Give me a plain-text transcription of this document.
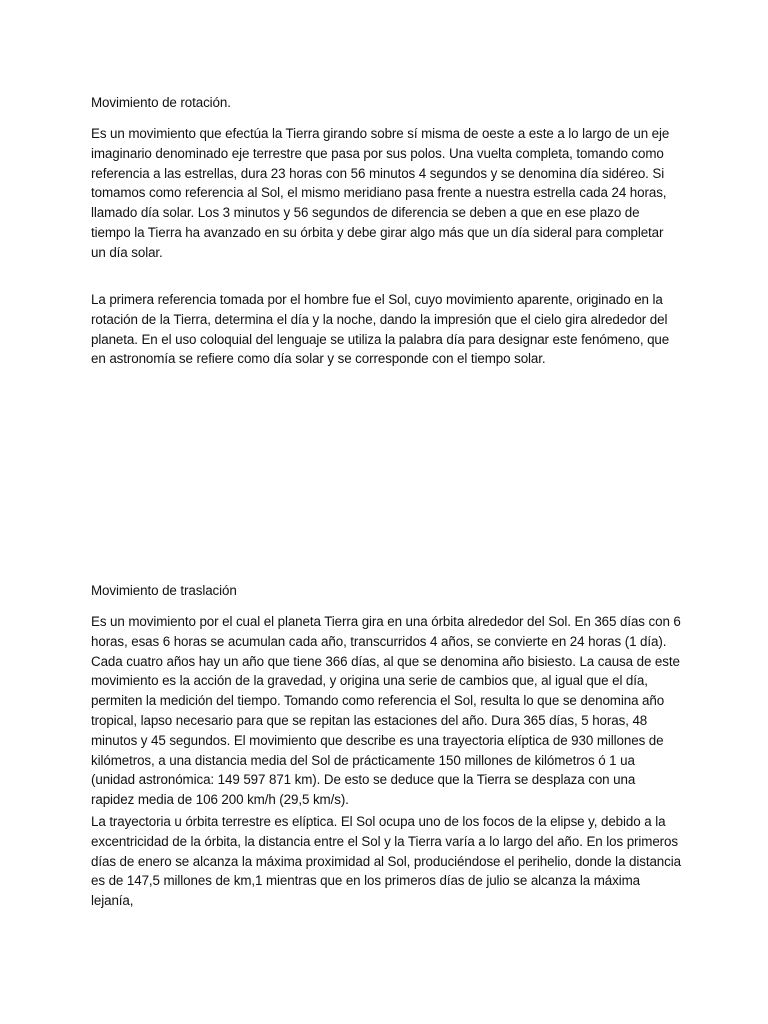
Movimiento de rotación.

Es un movimiento que efectúa la Tierra girando sobre sí misma de oeste a este a lo largo de un eje imaginario denominado eje terrestre que pasa por sus polos. Una vuelta completa, tomando como referencia a las estrellas, dura 23 horas con 56 minutos 4 segundos y se denomina día sidéreo. Si tomamos como referencia al Sol, el mismo meridiano pasa frente a nuestra estrella cada 24 horas, llamado día solar. Los 3 minutos y 56 segundos de diferencia se deben a que en ese plazo de tiempo la Tierra ha avanzado en su órbita y debe girar algo más que un día sideral para completar un día solar.

La primera referencia tomada por el hombre fue el Sol, cuyo movimiento aparente, originado en la rotación de la Tierra, determina el día y la noche, dando la impresión que el cielo gira alrededor del planeta. En el uso coloquial del lenguaje se utiliza la palabra día para designar este fenómeno, que en astronomía se refiere como día solar y se corresponde con el tiempo solar.

Movimiento de traslación

Es un movimiento por el cual el planeta Tierra gira en una órbita alrededor del Sol. En 365 días con 6 horas, esas 6 horas se acumulan cada año, transcurridos 4 años, se convierte en 24 horas (1 día). Cada cuatro años hay un año que tiene 366 días, al que se denomina año bisiesto. La causa de este movimiento es la acción de la gravedad, y origina una serie de cambios que, al igual que el día, permiten la medición del tiempo. Tomando como referencia el Sol, resulta lo que se denomina año tropical, lapso necesario para que se repitan las estaciones del año. Dura 365 días, 5 horas, 48 minutos y 45 segundos. El movimiento que describe es una trayectoria elíptica de 930 millones de kilómetros, a una distancia media del Sol de prácticamente 150 millones de kilómetros ó 1 ua (unidad astronómica: 149 597 871 km). De esto se deduce que la Tierra se desplaza con una rapidez media de 106 200 km/h (29,5 km/s).

La trayectoria u órbita terrestre es elíptica. El Sol ocupa uno de los focos de la elipse y, debido a la excentricidad de la órbita, la distancia entre el Sol y la Tierra varía a lo largo del año. En los primeros días de enero se alcanza la máxima proximidad al Sol, produciéndose el perihelio, donde la distancia es de 147,5 millones de km,1 mientras que en los primeros días de julio se alcanza la máxima lejanía,
